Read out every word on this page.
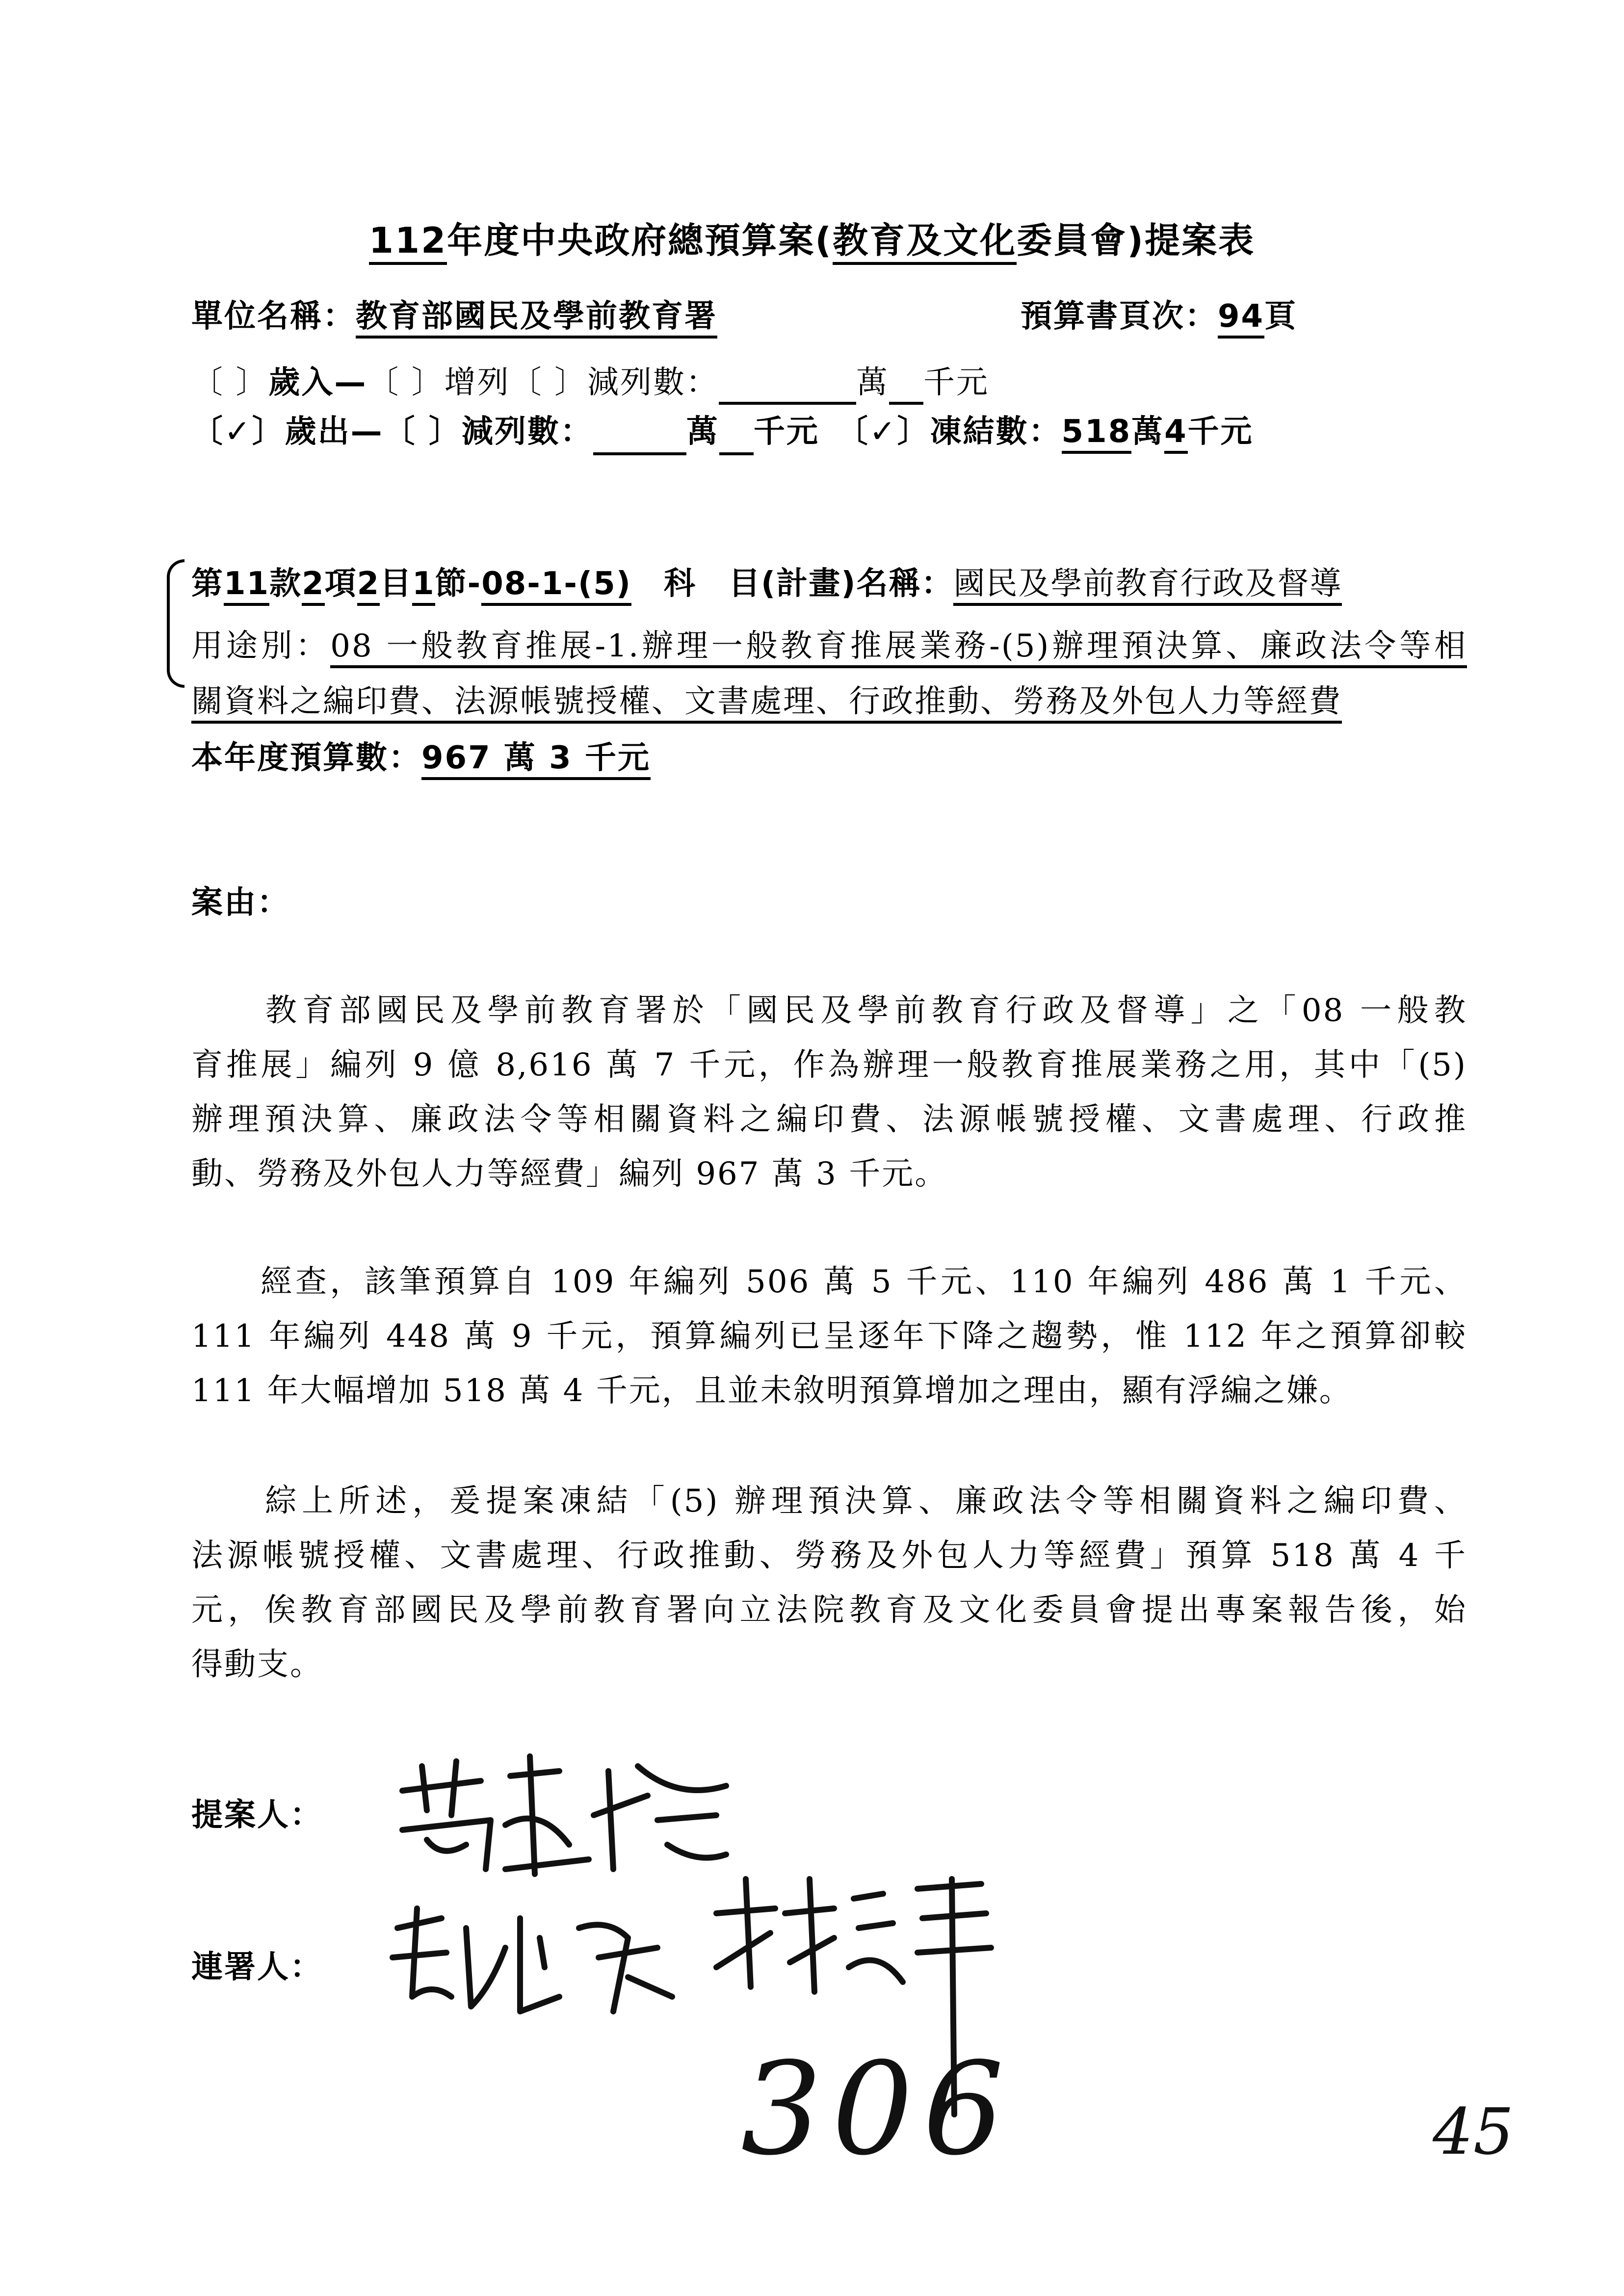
112年度中央政府總預算案(教育及文化委員會)提案表
單位名稱：教育部國民及學前教育署	預算書頁次：94頁
〔 〕歲入—〔 〕增列〔 〕減列數：	萬 千元
〔✓〕歲出—〔 〕減列數：	萬 千元　 〔✓〕凍結數：518萬4千元
第11款2項2目1節-08-1-(5)　 科　目(計畫)名稱：國民及學前教育行政及督導
用途別：08 一般教育推展-1.辦理一般教育推展業務-(5)辦理預決算、廉政法令等相
關資料之編印費、法源帳號授權、文書處理、行政推動、勞務及外包人力等經費
本年度預算數：967 萬 3 千元
案由：
　　教育部國民及學前教育署於「國民及學前教育行政及督導」之「08 一般教
育推展」編列 9 億 8,616 萬 7 千元，作為辦理一般教育推展業務之用，其中「(5)
辦理預決算、廉政法令等相關資料之編印費、法源帳號授權、文書處理、行政推
動、勞務及外包人力等經費」編列 967 萬 3 千元。
　　經查，該筆預算自 109 年編列 506 萬 5 千元、110 年編列 486 萬 1 千元、
111 年編列 448 萬 9 千元，預算編列已呈逐年下降之趨勢，惟 112 年之預算卻較
111 年大幅增加 518 萬 4 千元，且並未敘明預算增加之理由，顯有浮編之嫌。
　　綜上所述，爰提案凍結「(5) 辦理預決算、廉政法令等相關資料之編印費、
法源帳號授權、文書處理、行政推動、勞務及外包人力等經費」預算 518 萬 4 千
元，俟教育部國民及學前教育署向立法院教育及文化委員會提出專案報告後，始
得動支。
提案人：
連署人：
306	45
